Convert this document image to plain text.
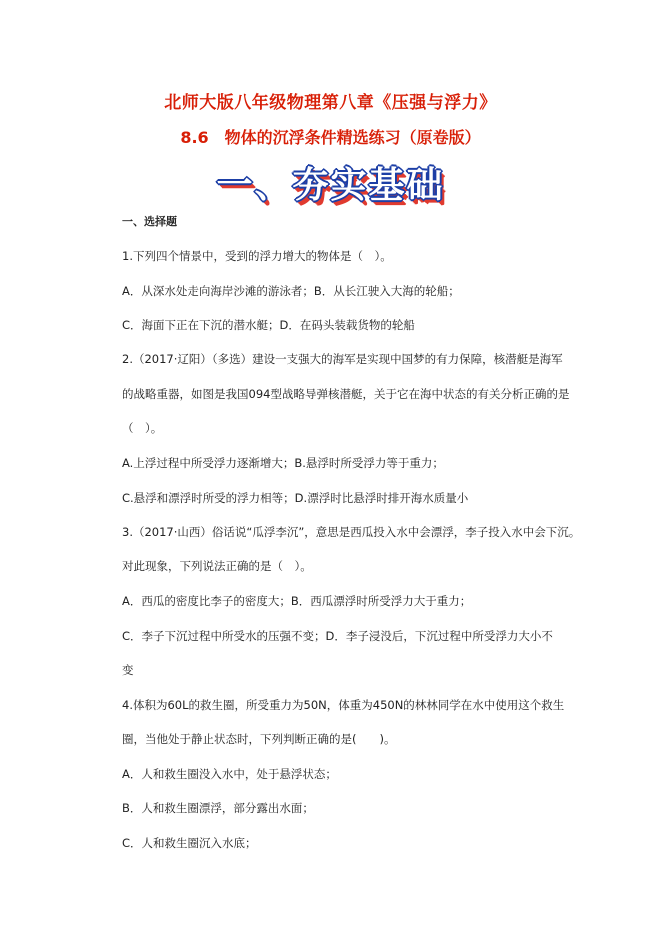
北师大版八年级物理第八章《压强与浮力》
8.6　物体的沉浮条件精选练习（原卷版）
一、夯实基础
一、选择题
1.下列四个情景中，受到的浮力增大的物体是（　）。
A．从深水处走向海岸沙滩的游泳者；B．从长江驶入大海的轮船；
C．海面下正在下沉的潜水艇；D．在码头装载货物的轮船
2.（2017·辽阳）（多选）建设一支强大的海军是实现中国梦的有力保障，核潜艇是海军
的战略重器，如图是我国094型战略导弹核潜艇，关于它在海中状态的有关分析正确的是
（　）。
A.上浮过程中所受浮力逐渐增大；B.悬浮时所受浮力等于重力；
C.悬浮和漂浮时所受的浮力相等；D.漂浮时比悬浮时排开海水质量小
3.（2017·山西）俗话说“瓜浮李沉”，意思是西瓜投入水中会漂浮，李子投入水中会下沉。
对此现象，下列说法正确的是（　）。
A．西瓜的密度比李子的密度大；B．西瓜漂浮时所受浮力大于重力；
C．李子下沉过程中所受水的压强不变；D．李子浸没后，下沉过程中所受浮力大小不
变
4.体积为60L的救生圈，所受重力为50N，体重为450N的林林同学在水中使用这个救生
圈，当他处于静止状态时，下列判断正确的是(　　)。
A．人和救生圈没入水中，处于悬浮状态；
B．人和救生圈漂浮，部分露出水面；
C．人和救生圈沉入水底；
